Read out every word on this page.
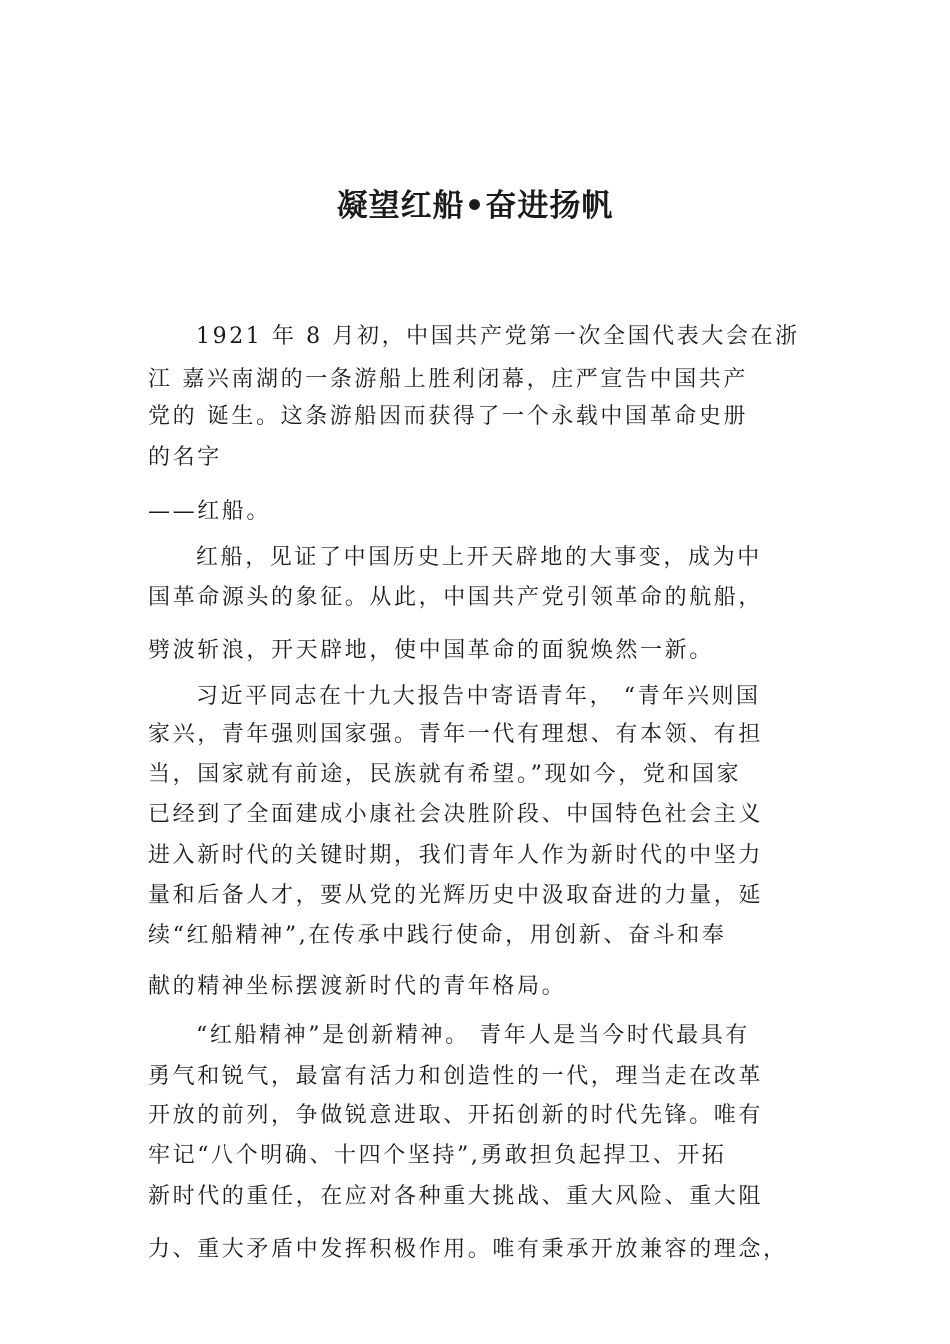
凝望红船•奋进扬帆

1921 年 8 月初，中国共产党第一次全国代表大会在浙

江 嘉兴南湖的一条游船上胜利闭幕，庄严宣告中国共产

党的 诞生。这条游船因而获得了一个永载中国革命史册

的名字

——红船。

红船，见证了中国历史上开天辟地的大事变，成为中

国革命源头的象征。从此，中国共产党引领革命的航船，

劈波斩浪，开天辟地，使中国革命的面貌焕然一新。

习近平同志在十九大报告中寄语青年， “青年兴则国

家兴，青年强则国家强。青年一代有理想、有本领、有担

当，国家就有前途，民族就有希望。”现如今，党和国家

已经到了全面建成小康社会决胜阶段、中国特色社会主义

进入新时代的关键时期，我们青年人作为新时代的中坚力

量和后备人才，要从党的光辉历史中汲取奋进的力量，延

续“红船精神”,在传承中践行使命，用创新、奋斗和奉

献的精神坐标摆渡新时代的青年格局。

“红船精神”是创新精神。 青年人是当今时代最具有

勇气和锐气，最富有活力和创造性的一代，理当走在改革

开放的前列，争做锐意进取、开拓创新的时代先锋。唯有

牢记“八个明确、十四个坚持”,勇敢担负起捍卫、开拓

新时代的重任，在应对各种重大挑战、重大风险、重大阻

力、重大矛盾中发挥积极作用。唯有秉承开放兼容的理念，
